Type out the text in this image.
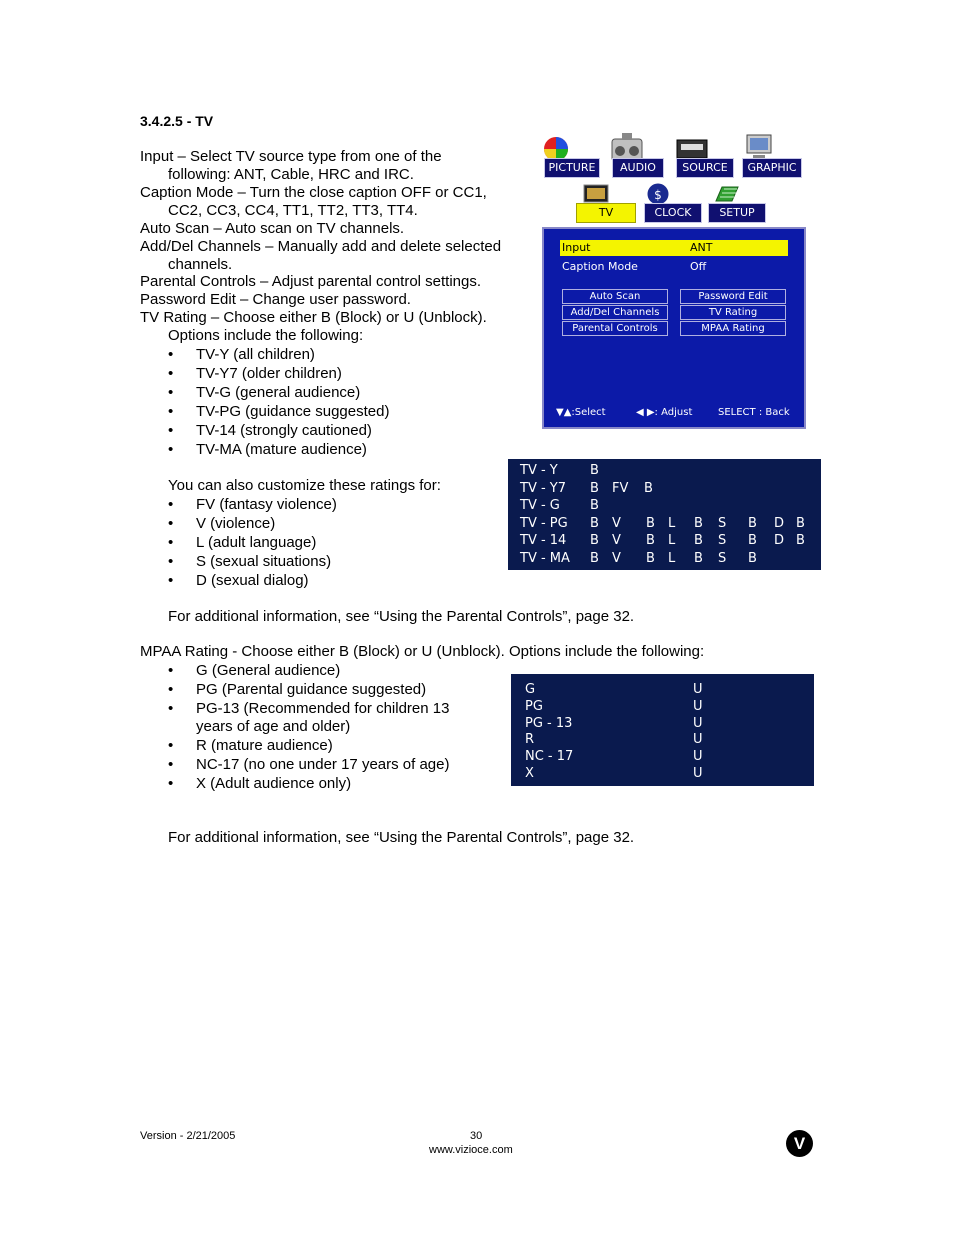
3.4.2.5 - TV
Input – Select TV source type from one of the
following: ANT, Cable, HRC and IRC.
Caption Mode – Turn the close caption OFF or CC1,
CC2, CC3, CC4, TT1, TT2, TT3, TT4.
Auto Scan – Auto scan on TV channels.
Add/Del Channels – Manually add and delete selected
channels.
Parental Controls – Adjust parental control settings.
Password Edit – Change user password.
TV Rating – Choose either B (Block) or U (Unblock).
Options include the following:
• TV-Y (all children)
• TV-Y7 (older children)
• TV-G (general audience)
• TV-PG (guidance suggested)
• TV-14 (strongly cautioned)
• TV-MA (mature audience)
You can also customize these ratings for:
• FV (fantasy violence)
• V (violence)
• L (adult language)
• S (sexual situations)
• D (sexual dialog)
For additional information, see “Using the Parental Controls”, page 32.
MPAA Rating - Choose either B (Block) or U (Unblock). Options include the following:
• G (General audience)
• PG (Parental guidance suggested)
• PG-13 (Recommended for children 13
years of age and older)
• R (mature audience)
• NC-17 (no one under 17 years of age)
• X (Adult audience only)
For additional information, see “Using the Parental Controls”, page 32.
PICTURE	AUDIO	SOURCE	GRAPHIC
$
TV	CLOCK	SETUP
Input	ANT
Caption Mode	Off
Auto Scan
Add/Del Channels
Parental Controls
Password Edit
TV Rating
MPAA Rating
▼▲:Select	◀ ▶: Adjust	SELECT : Back
TV - Y B
TV - Y7 B FV B
TV - G B
TV - PG B V B L B S B D B
TV - 14 B V B L B S B D B
TV - MA B V B L B S B
G	U
PG	U
PG - 13	U
R	U
NC - 17	U
X	U
Version - 2/21/2005	30
www.vizioce.com	V
